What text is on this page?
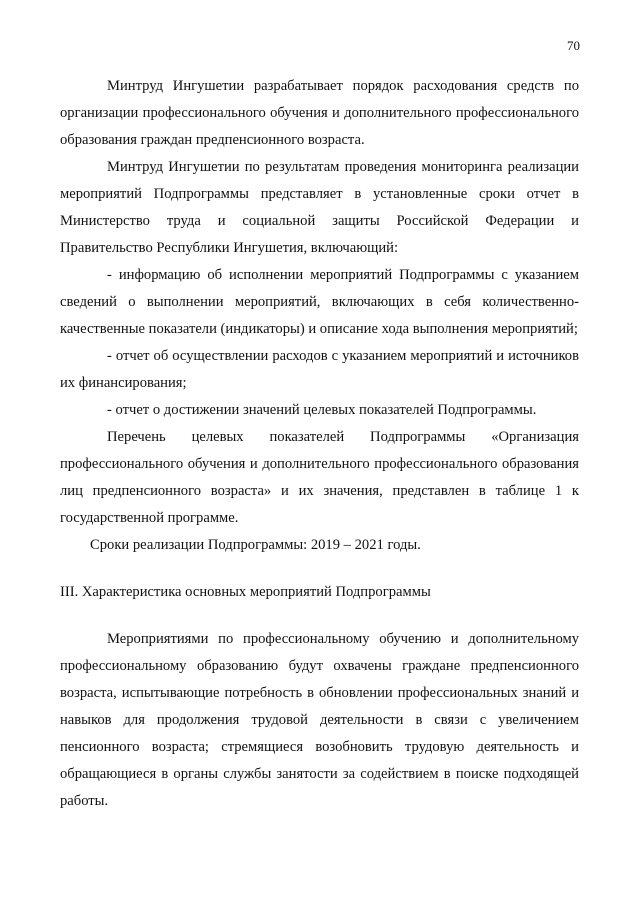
70

Минтруд Ингушетии разрабатывает порядок расходования средств по организации профессионального обучения и дополнительного профессионального образования граждан предпенсионного возраста.

Минтруд Ингушетии по результатам проведения мониторинга реализации мероприятий Подпрограммы представляет в установленные сроки отчет в Министерство труда и социальной защиты Российской Федерации и Правительство Республики Ингушетия, включающий:

- информацию об исполнении мероприятий Подпрограммы с указанием сведений о выполнении мероприятий, включающих в себя количественно-качественные показатели (индикаторы) и описание хода выполнения мероприятий;

- отчет об осуществлении расходов с указанием мероприятий и источников их финансирования;

- отчет о достижении значений целевых показателей Подпрограммы.

Перечень целевых показателей Подпрограммы «Организация профессионального обучения и дополнительного профессионального образования лиц предпенсионного возраста» и их значения, представлен в таблице 1 к государственной программе.

Сроки реализации Подпрограммы: 2019 – 2021 годы.

III. Характеристика основных мероприятий Подпрограммы

Мероприятиями по профессиональному обучению и дополнительному профессиональному образованию будут охвачены граждане предпенсионного возраста, испытывающие потребность в обновлении профессиональных знаний и навыков для продолжения трудовой деятельности в связи с увеличением пенсионного возраста; стремящиеся возобновить трудовую деятельность и обращающиеся в органы службы занятости за содействием в поиске подходящей работы.
